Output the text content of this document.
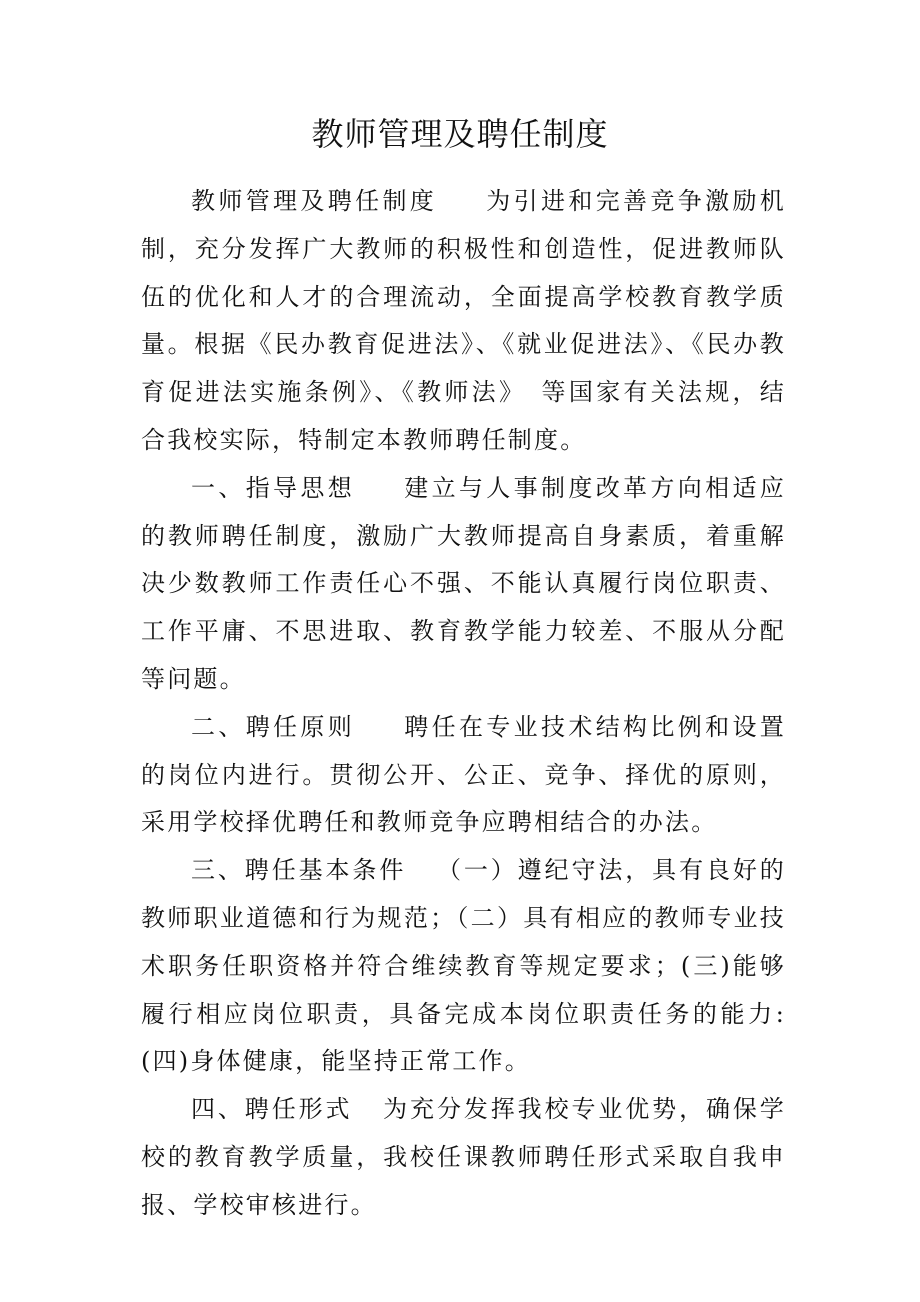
教师管理及聘任制度

教师管理及聘任制度 为引进和完善竞争激励机制，充分发挥广大教师的积极性和创造性，促进教师队伍的优化和人才的合理流动，全面提高学校教育教学质量。根据《民办教育促进法》、《就业促进法》、《民办教育促进法实施条例》、《教师法》　等国家有关法规，结合我校实际，特制定本教师聘任制度。

一、指导思想 建立与人事制度改革方向相适应的教师聘任制度，激励广大教师提高自身素质，着重解决少数教师工作责任心不强、不能认真履行岗位职责、工作平庸、不思进取、教育教学能力较差、不服从分配等问题。

二、聘任原则 聘任在专业技术结构比例和设置的岗位内进行。贯彻公开、公正、竞争、择优的原则，采用学校择优聘任和教师竞争应聘相结合的办法。

三、聘任基本条件 （一）遵纪守法，具有良好的教师职业道德和行为规范；（二）具有相应的教师专业技术职务任职资格并符合维续教育等规定要求；(三)能够履行相应岗位职责，具备完成本岗位职责任务的能力:(四)身体健康，能坚持正常工作。

四、聘任形式 为充分发挥我校专业优势，确保学校的教育教学质量，我校任课教师聘任形式采取自我申报、学校审核进行。
